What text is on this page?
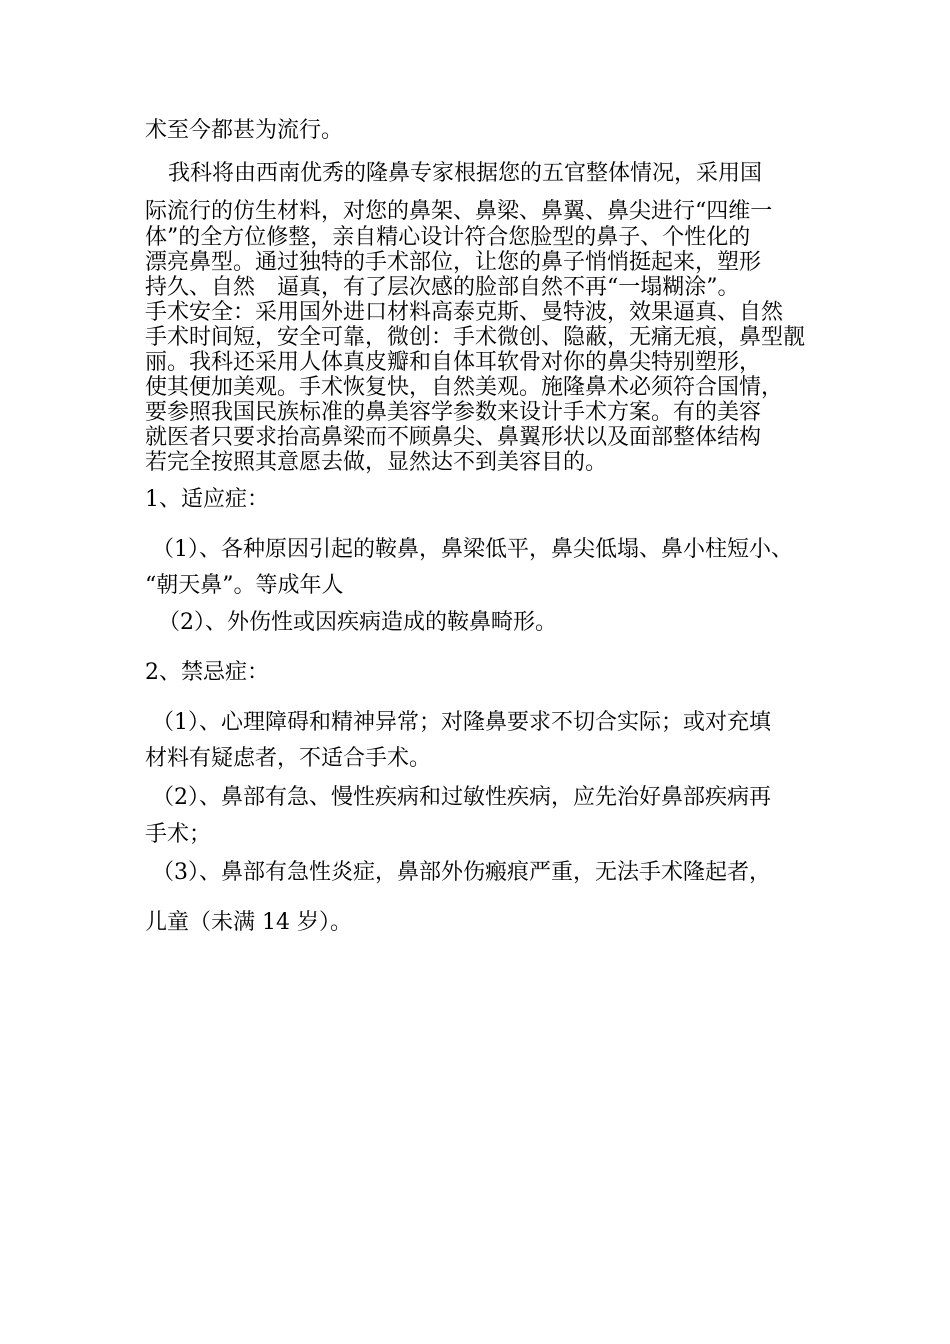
术至今都甚为流行。
我科将由西南优秀的隆鼻专家根据您的五官整体情况，采用国
际流行的仿生材料，对您的鼻架、鼻梁、鼻翼、鼻尖进行“四维一
体”的全方位修整，亲自精心设计符合您脸型的鼻子、个性化的
漂亮鼻型。通过独特的手术部位，让您的鼻子悄悄挺起来，塑形
持久、自然　逼真，有了层次感的脸部自然不再“一塌糊涂”。
手术安全：采用国外进口材料高泰克斯、曼特波，效果逼真、自然
手术时间短，安全可靠，微创：手术微创、隐蔽，无痛无痕，鼻型靓
丽。我科还采用人体真皮瓣和自体耳软骨对你的鼻尖特别塑形，
使其便加美观。手术恢复快，自然美观。施隆鼻术必须符合国情，
要参照我国民族标准的鼻美容学参数来设计手术方案。有的美容
就医者只要求抬高鼻梁而不顾鼻尖、鼻翼形状以及面部整体结构
若完全按照其意愿去做，显然达不到美容目的。
1、适应症：
（1）、各种原因引起的鞍鼻，鼻梁低平，鼻尖低塌、鼻小柱短小、
“朝天鼻”。等成年人
（2）、外伤性或因疾病造成的鞍鼻畸形。
2、禁忌症：
（1）、心理障碍和精神异常；对隆鼻要求不切合实际；或对充填
材料有疑虑者，不适合手术。
（2）、鼻部有急、慢性疾病和过敏性疾病，应先治好鼻部疾病再
手术；
（3）、鼻部有急性炎症，鼻部外伤瘢痕严重，无法手术隆起者，
儿童（未满 14 岁）。
